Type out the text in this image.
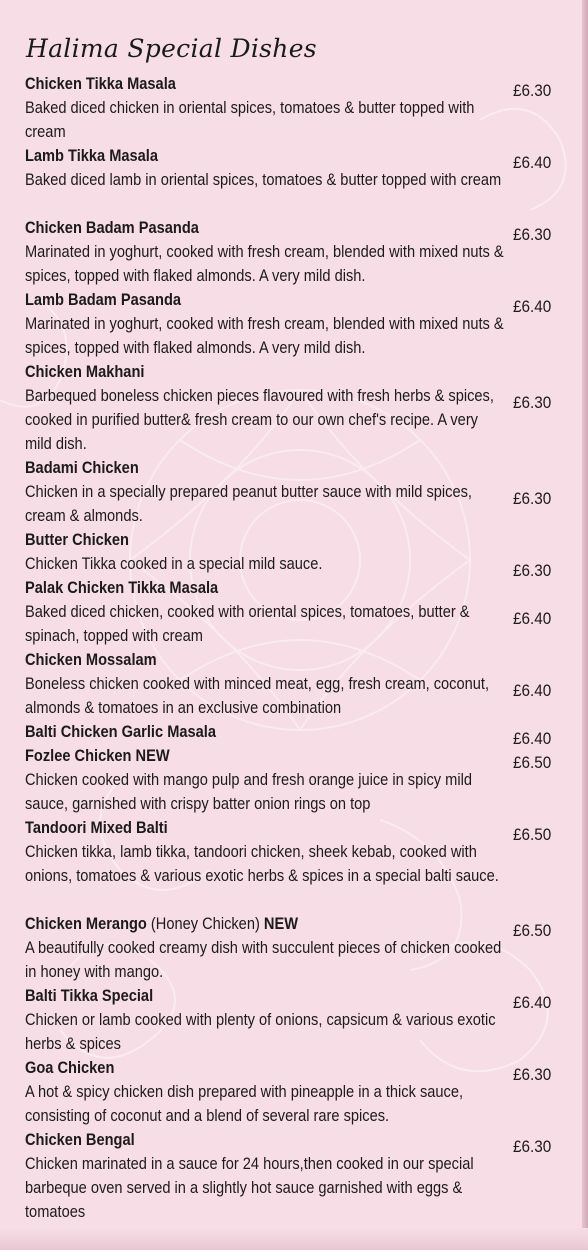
Halima Special Dishes
Chicken Tikka Masala
Baked diced chicken in oriental spices, tomatoes & butter topped with cream
£6.30
Lamb Tikka Masala
Baked diced lamb in oriental spices, tomatoes & butter topped with cream
£6.40
Chicken Badam Pasanda
Marinated in yoghurt, cooked with fresh cream, blended with mixed nuts & spices, topped with flaked almonds. A very mild dish.
£6.30
Lamb Badam Pasanda
Marinated in yoghurt, cooked with fresh cream, blended with mixed nuts & spices, topped with flaked almonds. A very mild dish.
£6.40
Chicken Makhani
Barbequed boneless chicken pieces flavoured with fresh herbs & spices, cooked in purified butter& fresh cream to our own chef's recipe. A very mild dish.
£6.30
Badami Chicken
Chicken in a specially prepared peanut butter sauce with mild spices, cream & almonds.
£6.30
Butter Chicken
Chicken Tikka cooked in a special mild sauce.	£6.30
Palak Chicken Tikka Masala
Baked diced chicken, cooked with oriental spices, tomatoes, butter & spinach, topped with cream
£6.40
Chicken Mossalam
Boneless chicken cooked with minced meat, egg, fresh cream, coconut, almonds & tomatoes in an exclusive combination
£6.40
Balti Chicken Garlic Masala	£6.40
Fozlee Chicken NEW
Chicken cooked with mango pulp and fresh orange juice in spicy mild sauce, garnished with crispy batter onion rings on top
£6.50
Tandoori Mixed Balti
Chicken tikka, lamb tikka, tandoori chicken, sheek kebab, cooked with onions, tomatoes & various exotic herbs & spices in a special balti sauce.
£6.50
Chicken Merango (Honey Chicken) NEW
A beautifully cooked creamy dish with succulent pieces of chicken cooked in honey with mango.
£6.50
Balti Tikka Special
Chicken or lamb cooked with plenty of onions, capsicum & various exotic herbs & spices
£6.40
Goa Chicken
A hot & spicy chicken dish prepared with pineapple in a thick sauce, consisting of coconut and a blend of several rare spices.
£6.30
Chicken Bengal
Chicken marinated in a sauce for 24 hours,then cooked in our special barbeque oven served in a slightly hot sauce garnished with eggs & tomatoes
£6.30
